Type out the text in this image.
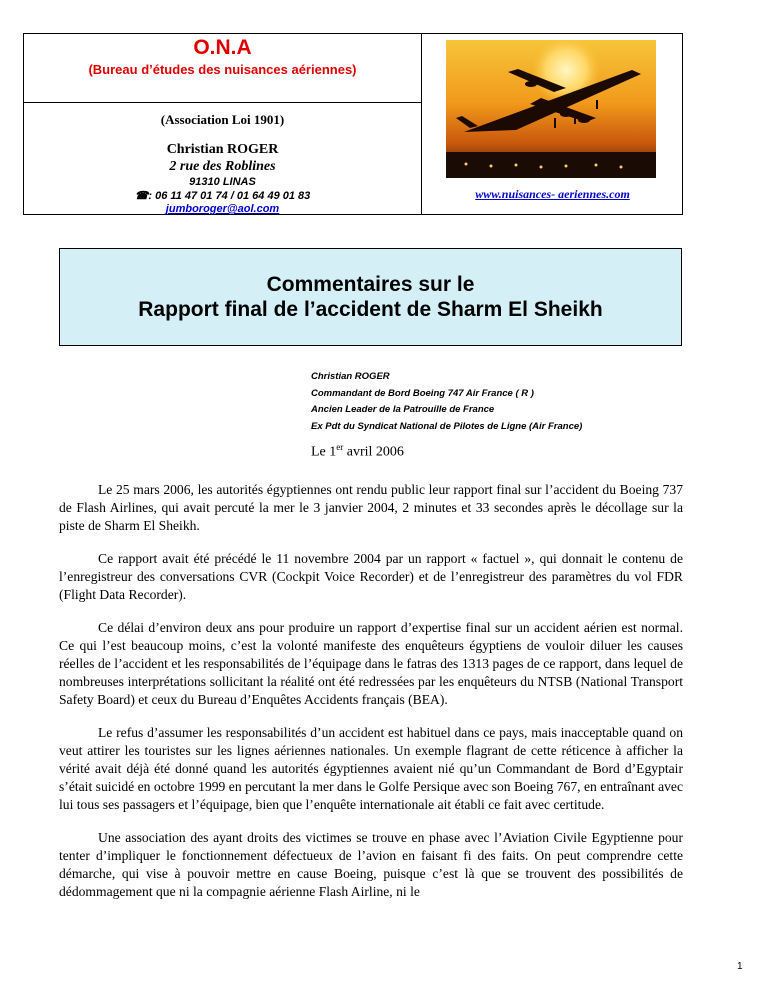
O.N.A
(Bureau d’études des nuisances aériennes)
(Association Loi 1901)
Christian ROGER
2 rue des Roblines
91310 LINAS
☎: 06 11 47 01 74 / 01 64 49 01 83
jumboroger@aol.com
www.nuisances- aeriennes.com
Commentaires sur le
Rapport final de l’accident de Sharm El Sheikh
Christian ROGER
Commandant de Bord Boeing 747 Air France ( R )
Ancien Leader de la Patrouille de France
Ex Pdt du Syndicat National de Pilotes de Ligne (Air France)
Le 1er avril 2006

Le 25 mars 2006, les autorités égyptiennes ont rendu public leur rapport final sur l’accident du Boeing 737 de Flash Airlines, qui avait percuté la mer le 3 janvier 2004, 2 minutes et 33 secondes après le décollage sur la piste de Sharm El Sheikh.

Ce rapport avait été précédé le 11 novembre 2004 par un rapport « factuel », qui donnait le contenu de l’enregistreur des conversations CVR (Cockpit Voice Recorder) et de l’enregistreur des paramètres du vol FDR (Flight Data Recorder).

Ce délai d’environ deux ans pour produire un rapport d’expertise final sur un accident aérien est normal. Ce qui l’est beaucoup moins, c’est la volonté manifeste des enquêteurs égyptiens de vouloir diluer les causes réelles de l’accident et les responsabilités de l’équipage dans le fatras des 1313 pages de ce rapport, dans lequel de nombreuses interprétations sollicitant la réalité ont été redressées par les enquêteurs du NTSB (National Transport Safety Board) et ceux du Bureau d’Enquêtes Accidents français (BEA).

Le refus d’assumer les responsabilités d’un accident est habituel dans ce pays, mais inacceptable quand on veut attirer les touristes sur les lignes aériennes nationales. Un exemple flagrant de cette réticence à afficher la vérité avait déjà été donné quand les autorités égyptiennes avaient nié qu’un Commandant de Bord d’Egyptair s’était suicidé en octobre 1999 en percutant la mer dans le Golfe Persique avec son Boeing 767, en entraînant avec lui tous ses passagers et l’équipage, bien que l’enquête internationale ait établi ce fait avec certitude.

Une association des ayant droits des victimes se trouve en phase avec l’Aviation Civile Egyptienne pour tenter d’impliquer le fonctionnement défectueux de l’avion en faisant fi des faits. On peut comprendre cette démarche, qui vise à pouvoir mettre en cause Boeing, puisque c’est là que se trouvent des possibilités de dédommagement que ni la compagnie aérienne Flash Airline, ni le

1
